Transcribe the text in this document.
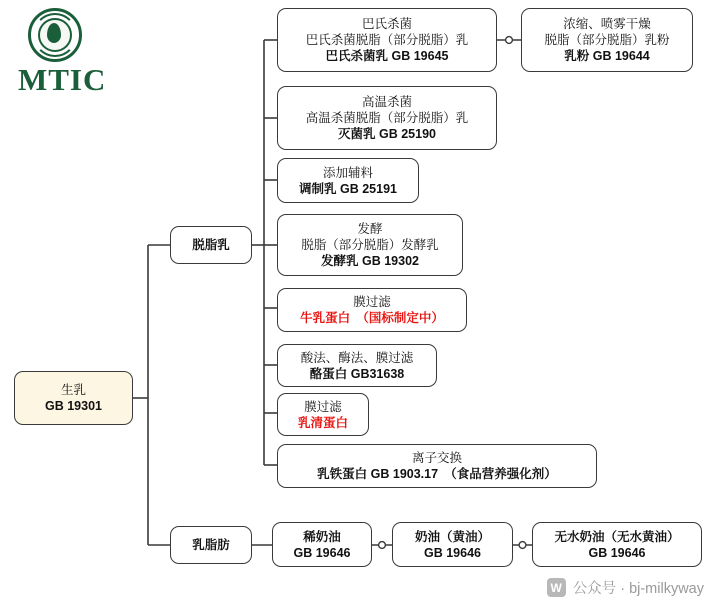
MTIC
生乳
GB 19301
脱脂乳
乳脂肪
巴氏杀菌
巴氏杀菌脱脂（部分脱脂）乳
巴氏杀菌乳 GB 19645
浓缩、喷雾干燥
脱脂（部分脱脂）乳粉
乳粉 GB 19644
高温杀菌
高温杀菌脱脂（部分脱脂）乳
灭菌乳 GB 25190
添加辅料
调制乳 GB 25191
发酵
脱脂（部分脱脂）发酵乳
发酵乳 GB 19302
膜过滤
牛乳蛋白　（国标制定中）
酸法、酶法、膜过滤
酪蛋白 GB31638
膜过滤
乳清蛋白
离子交换
乳铁蛋白 GB 1903.17　（食品营养强化剂）
稀奶油
GB 19646
奶油（黄油）
GB 19646
无水奶油（无水黄油）
GB 19646
W 公众号 · bj-milkyway
